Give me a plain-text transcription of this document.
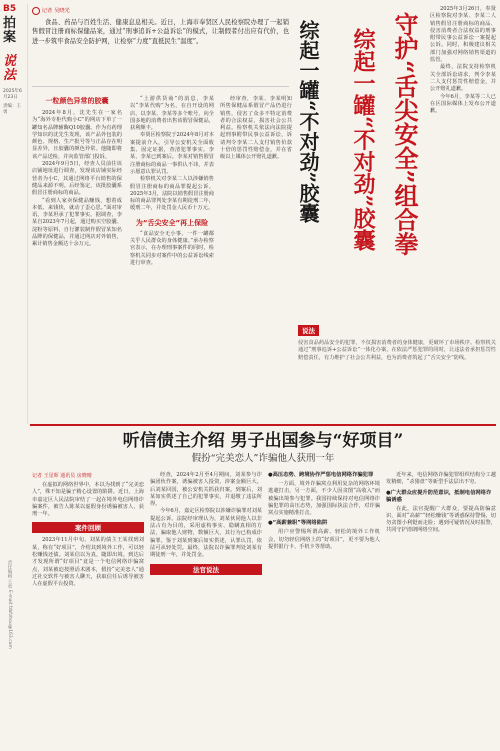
B5
拍案
说法
2025年6月23日
责编：王勇
记者 吴晓光
食品、药品与百姓生活、健康息息相关。近日，上海市奉贤区人民检察院办理了一起销售假冒注册商标保健品案，通过“刑事追诉+公益诉讼”的模式，让制假者付出应有代价，也进一步筑牢食品安全防护网，让检察“力度”直抵民生“温度”。	守护“舌尖安全”组合拳
综起一罐“不对劲”胶囊
综起一罐“不对劲”胶囊
一粒颜色异常的胶囊

2024年8月，沈先生在一家名为“海外专柜代购小C”的网店下单了一罐知名品牌辅酶Q10胶囊。作为有药理学知识的沈先生发现，该产品外包装的颜色、规格、生产批号等与正品存在明显差异，且胶囊的颜色异常。他随即将该产品送检，并向监管部门投诉。

2024年9月5日，经查人员前往该店铺地址进行调查，发现该店铺实际经营者为小C，其通过网络平台销售的保健品来源不明。后经鉴定，该批胶囊系假冒注册商标的商品。

“看到人家卖保健品赚钱，想着成本低、来钱快，就动了歪心思。”面对审讯，李某坦承了犯罪事实。据调查，李某自2023年7月起，通过购买空胶囊、淀粉等原料，自行灌装制作假冒某知名品牌的保健品，并通过网店对外销售，累计销售金额达十余万元。

“上游供货商”的消息，李某以“李某代购”为名，在自开设的网店、以李某、李某等多个账号，向全国多地的消费者出售该假冒保健品，获利颇丰。

奉贤区检察院于2024年8月对本案提前介入，引导公安机关全面收集、固定证据，查清犯罪事实。李某、李某已到案后。李某对销售假冒注册商标的商品一事供认不讳，并表示愿意认罪认罚。

检察机关对李某二人以涉嫌销售假冒注册商标的商品罪提起公诉。2025年3月，法院以销售假冒注册商标的商品罪判处李某有期徒刑二年，缓刑二年，并处罚金人民币十万元。

为“舌尖安全”再上保险

“食品安全无小事，一件一罐都关乎人民群众的身体健康。”承办检察官表示，在办理刑事案件的同时，检察机关同步对案件中的公益诉讼线索进行审查。

经审查，李某、李某明知所售保健品系假冒产品仍进行销售，侵害了众多不特定消费者的合法权益，损害社会公共利益。检察机关依法向法院提起刑事附带民事公益诉讼，诉请判令李某二人支付销售价款十倍的惩罚性赔偿金，并在省级以上媒体公开赔礼道歉。

2025年3月26日，奉贤区检察院对李某、李某二人销售假冒注册商标的商品、侵害消费者合法权益的刑事附带民事公益诉讼一案提起公诉。同时，积极建议相关部门加强对网络销售渠道的监管。

最终，法院支持检察机关全部诉讼请求，判令李某二人支付惩罚性赔偿金，并公开赔礼道歉。

今年6月，李某等二人已在区国际媒体上发布公开道歉。

说法
侵害食品药品安全的犯罪，不仅损害消费者的身体健康，更破坏了市场秩序。检察机关通过“刑事追诉+公益诉讼”一体化办案，在依法严惩犯罪的同时，让违法者承担惩罚性赔偿责任，有力维护了社会公共利益，也为消费者筑起了“舌尖安全”防线。
听信债主介绍 男子出国参与“好项目”
假扮“完美恋人”诈骗他人获刑一年
记者 王星晖 通讯员 房晓晴

在虚拟的网络世界中，本以为找到了“完美恋人”，殊不知是骗子精心设置的陷阱。近日，上海市嘉定区人民法院审结了一起在境外电信网络诈骗案件，被告人陈某以虚假身份诱骗被害人，获刑一年。

案件回顾

2023年11月中旬，刘某的债主王某找到刘某，称有“好项目”，介绍其到境外工作，可以轻松赚钱还债。刘某信以为真，随即出境。到达后才发现所谓“好项目”竟是一个电信网络诈骗窝点，刘某被迫按照话术剧本，假扮“完美恋人”通过社交软件与被害人聊天，获取信任后诱导被害人在虚假平台投资。

经查，2024年2月至4月期间，刘某参与诈骗团伙作案，诱骗被害人投资，涉案金额巨大。后刘某回国，被公安机关抓获归案。到案后，刘某如实供述了自己的犯罪事实，并退缴了违法所得。

今年6月，嘉定区检察院以涉嫌诈骗罪对刘某提起公诉。法院经审理认为，刘某伙同他人以非法占有为目的，采用虚构事实、隐瞒真相的方法，骗取他人财物，数额巨大，其行为已构成诈骗罪。鉴于刘某到案后如实供述，认罪认罚，依法可从轻处罚。最终，法院以诈骗罪判处刘某有期徒刑一年，并处罚金。

法官说法
●高压态势、跨境协作严惩电信网络诈骗犯罪

一方面，境外诈骗窝点利用复杂的网络环境逃避打击，另一方面，不少人因贪图“高收入”而被骗出境参与犯罪。我国持续保持对电信网络诈骗犯罪的高压态势，加强国际执法合作，对诈骗窝点实施精准打击。

●“高薪兼职”等网络陷阱

用户应警惕所谓高薪、轻松的境外工作机会，切勿轻信网络上的“好项目”，更不要为他人提供银行卡、手机卡等帮助。

近年来，电信网络诈骗犯罪组织结构分工越发精细，“杀猪盘”等新型手法层出不穷。

●广大群众应提升防范意识，抵制电信网络诈骗诱惑

在此，法官提醒广大群众，要提高防骗意识，面对“高薪”“轻松赚钱”等诱惑保持警惕，切勿贪图小利铤而走险；遇到可疑情况及时报警，共同守护清朗网络空间。

责任编辑 王勇 E-mail:fzbfzhou@163.com
